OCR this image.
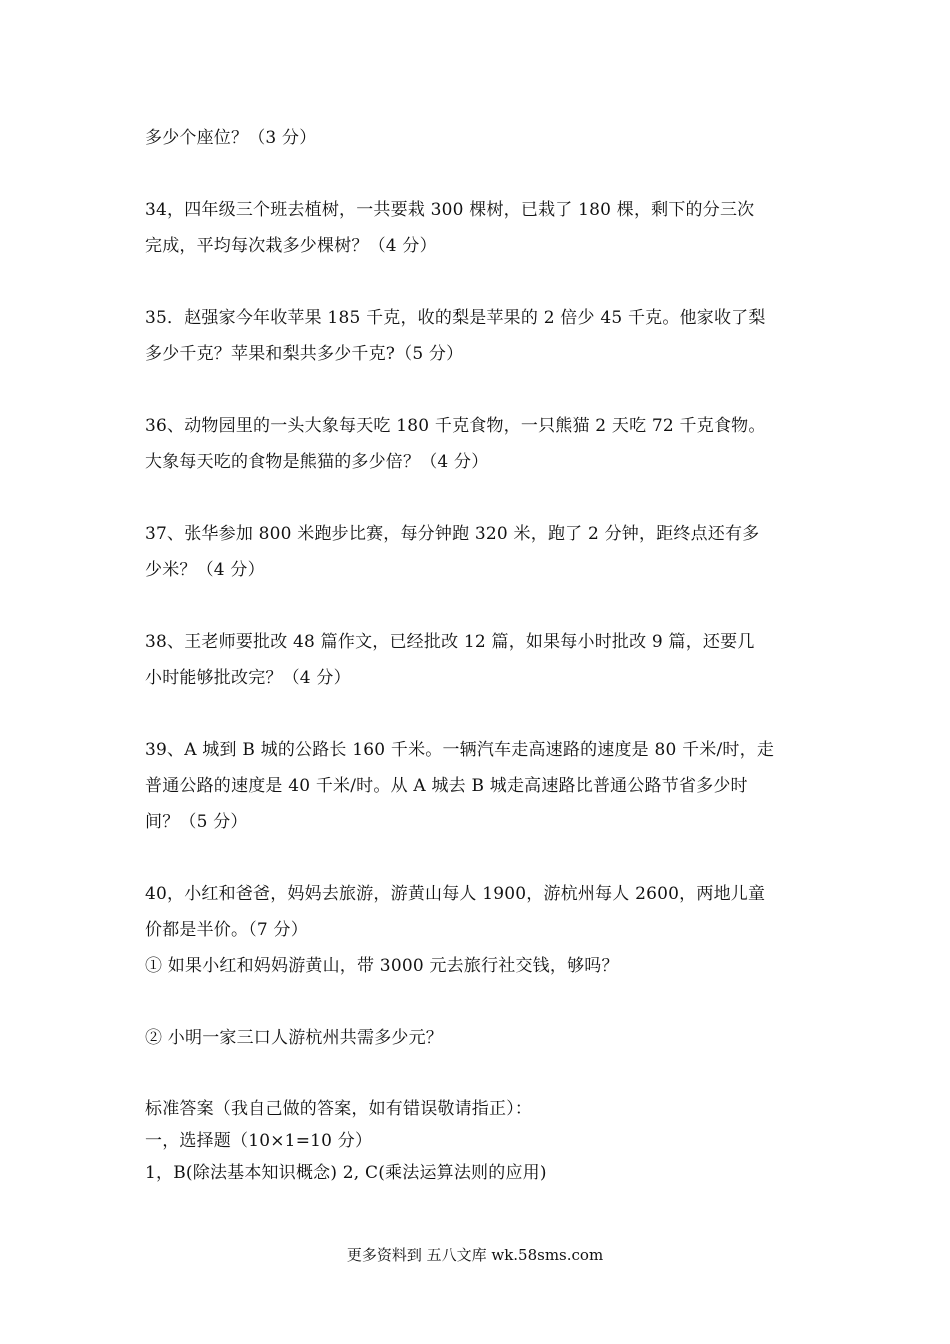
多少个座位？（3 分）
34，四年级三个班去植树，一共要栽 300 棵树，已栽了 180 棵，剩下的分三次
完成，平均每次栽多少棵树？（4 分）
35．赵强家今年收苹果 185 千克，收的梨是苹果的 2 倍少 45 千克。他家收了梨
多少千克？苹果和梨共多少千克?（5 分）
36、动物园里的一头大象每天吃 180 千克食物，一只熊猫 2 天吃 72 千克食物。
大象每天吃的食物是熊猫的多少倍？（4 分）
37、张华参加 800 米跑步比赛，每分钟跑 320 米，跑了 2 分钟，距终点还有多
少米？（4 分）
38、王老师要批改 48 篇作文，已经批改 12 篇，如果每小时批改 9 篇，还要几
小时能够批改完？（4 分）
39、A 城到 B 城的公路长 160 千米。一辆汽车走高速路的速度是 80 千米/时，走
普通公路的速度是 40 千米/时。从 A 城去 B 城走高速路比普通公路节省多少时
间？（5 分）
40，小红和爸爸，妈妈去旅游，游黄山每人 1900，游杭州每人 2600，两地儿童
价都是半价。（7 分）
① 如果小红和妈妈游黄山，带 3000 元去旅行社交钱，够吗？
② 小明一家三口人游杭州共需多少元？
标准答案（我自己做的答案，如有错误敬请指正）：
一，选择题（10×1=10 分）
1，B(除法基本知识概念) 2, C(乘法运算法则的应用)
更多资料到 五八文库 wk.58sms.com
